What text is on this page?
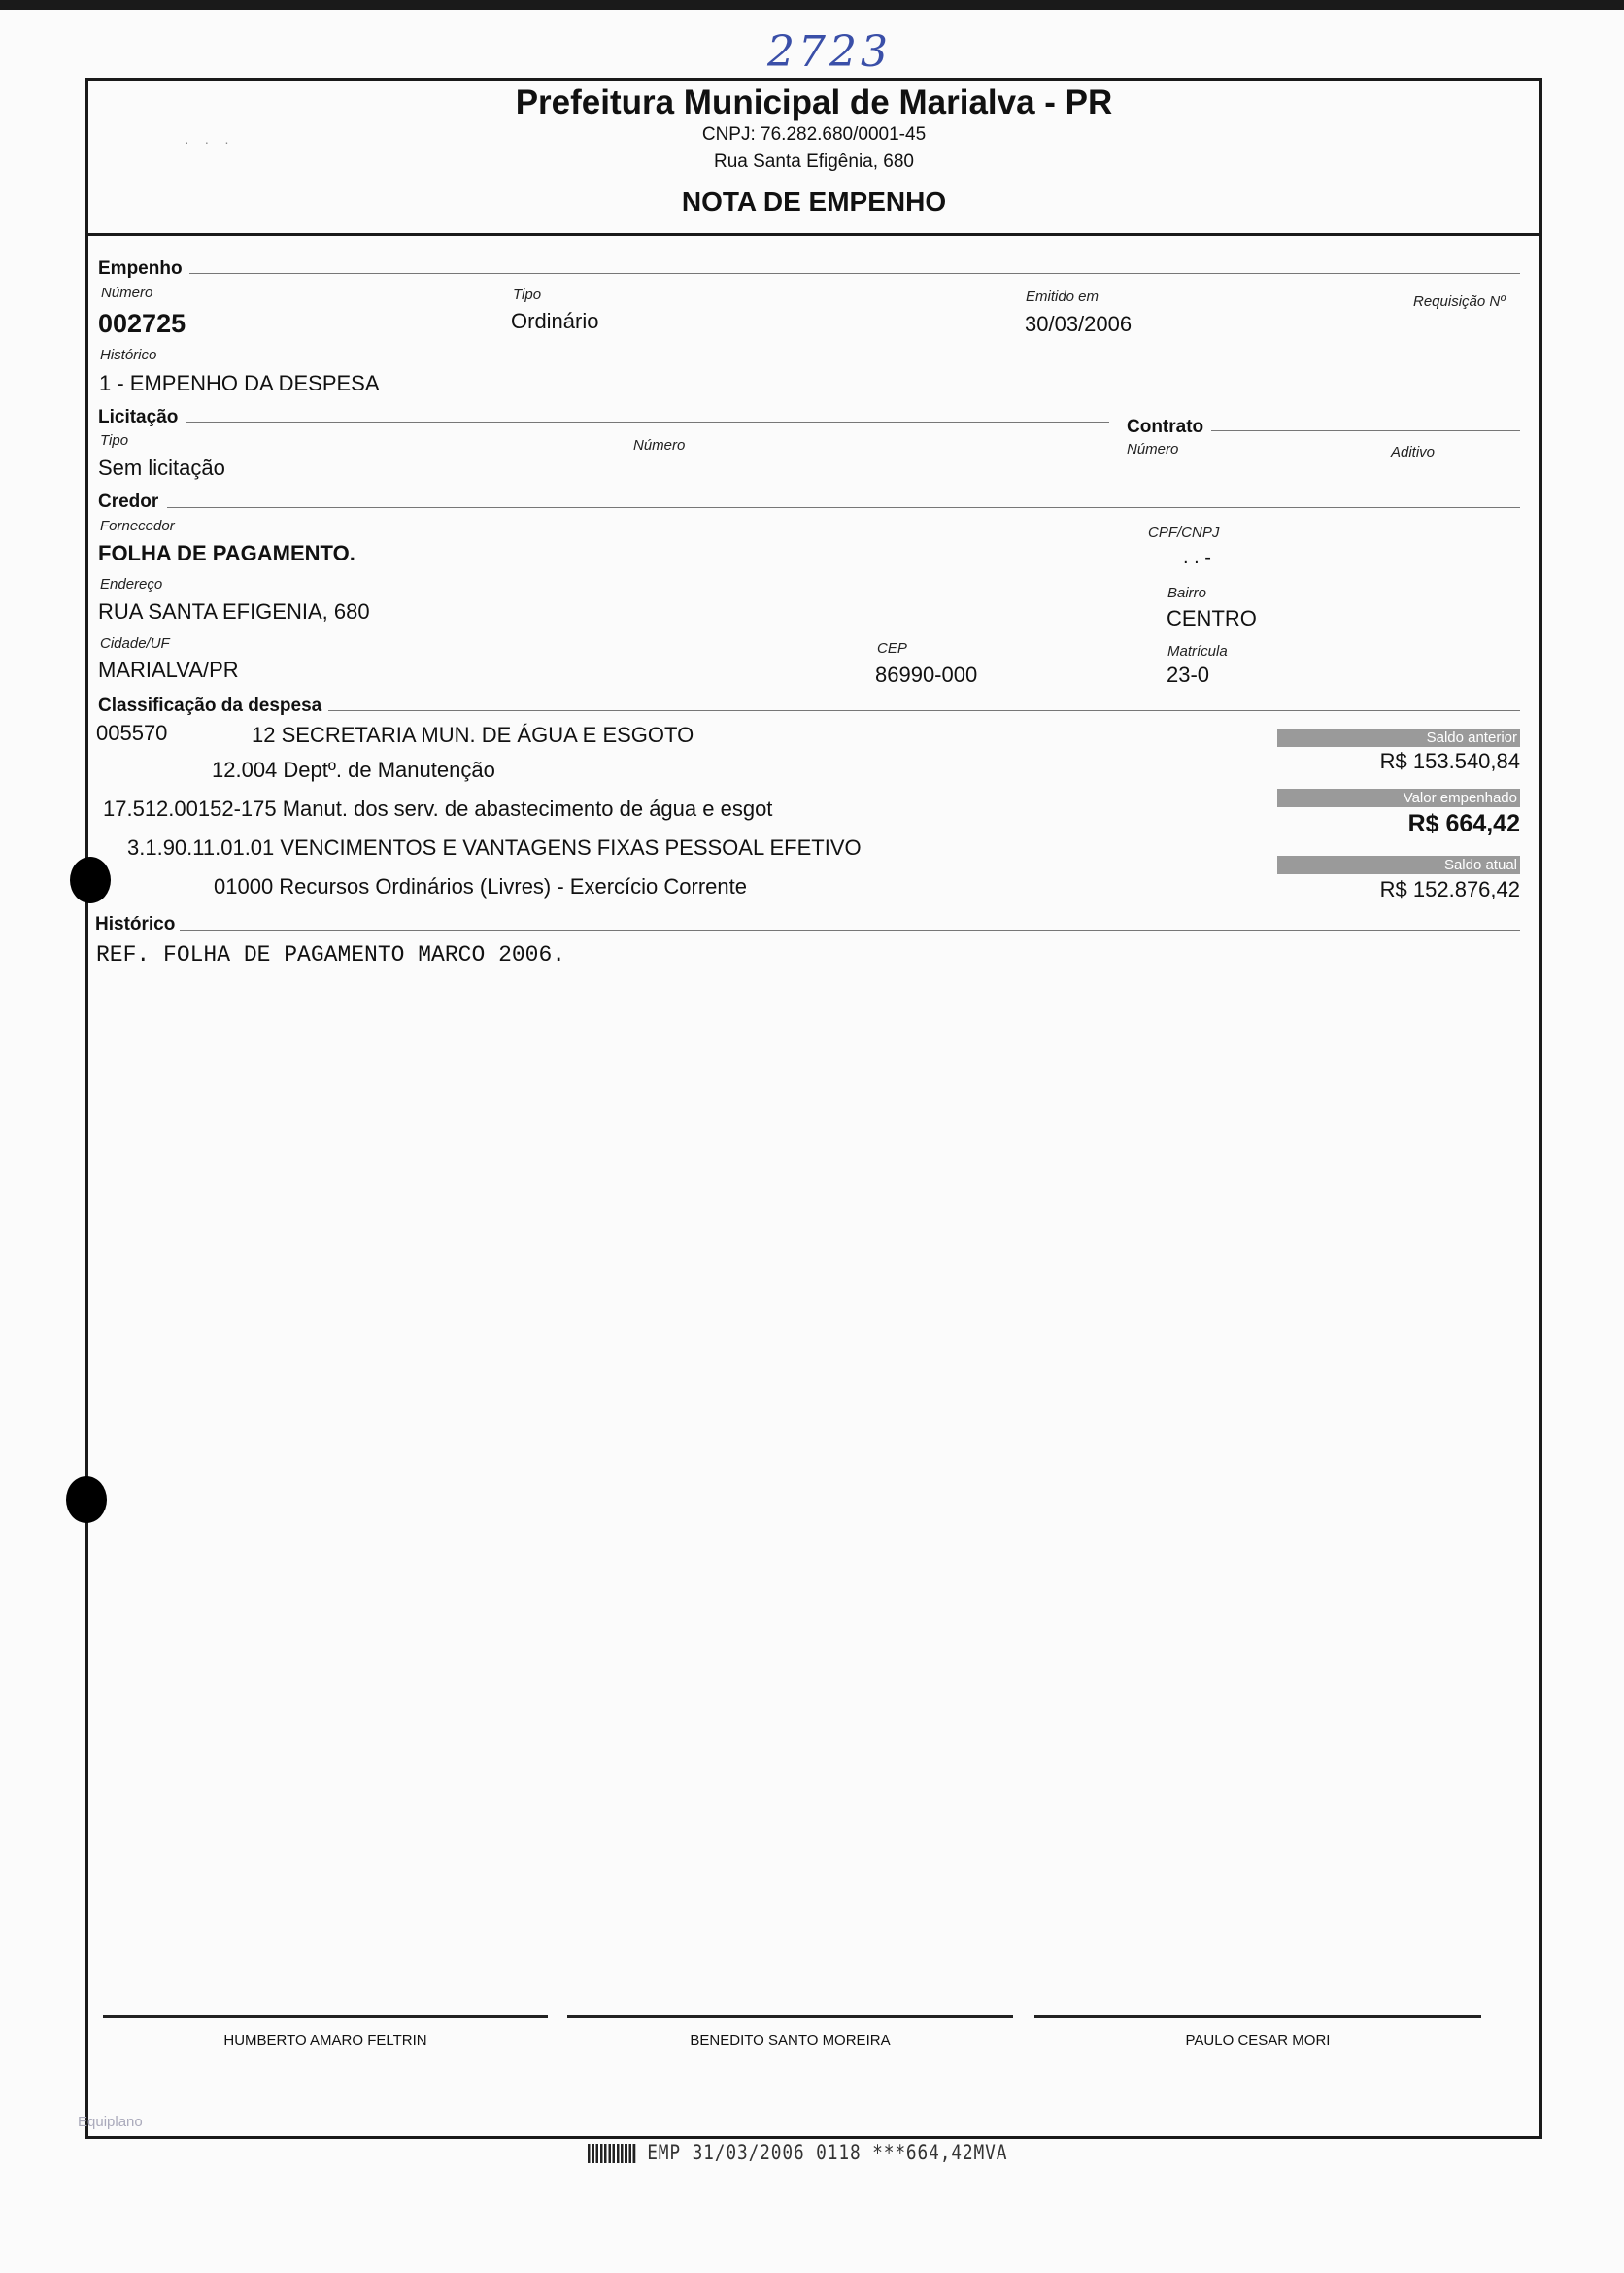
2723
· · ·
Prefeitura Municipal de Marialva - PR
CNPJ: 76.282.680/0001-45
Rua Santa Efigênia, 680
NOTA DE EMPENHO
Empenho
Número
002725
Tipo
Ordinário
Emitido em
30/03/2006
Requisição Nº
Histórico
1 - EMPENHO DA DESPESA
Licitação
Tipo
Sem licitação
Número
Contrato
Número	Aditivo
Credor
Fornecedor
FOLHA DE PAGAMENTO.
CPF/CNPJ
. . -
Endereço
RUA SANTA EFIGENIA, 680
Bairro
CENTRO
Cidade/UF
MARIALVA/PR
CEP
86990-000
Matrícula
23-0
Classificação da despesa
005570	12 SECRETARIA MUN. DE ÁGUA E ESGOTO
12.004 Deptº. de Manutenção
17.512.00152-175 Manut. dos serv. de abastecimento de água e esgot
3.1.90.11.01.01 VENCIMENTOS E VANTAGENS FIXAS PESSOAL EFETIVO
01000 Recursos Ordinários (Livres) - Exercício Corrente
Saldo anterior
R$ 153.540,84
Valor empenhado
R$ 664,42
Saldo atual
R$ 152.876,42
Histórico
REF. FOLHA DE PAGAMENTO MARCO 2006.
HUMBERTO AMARO FELTRIN	BENEDITO SANTO MOREIRA	PAULO CESAR MORI
Equiplano
EMP 31/03/2006 0118 ***664,42MVA
